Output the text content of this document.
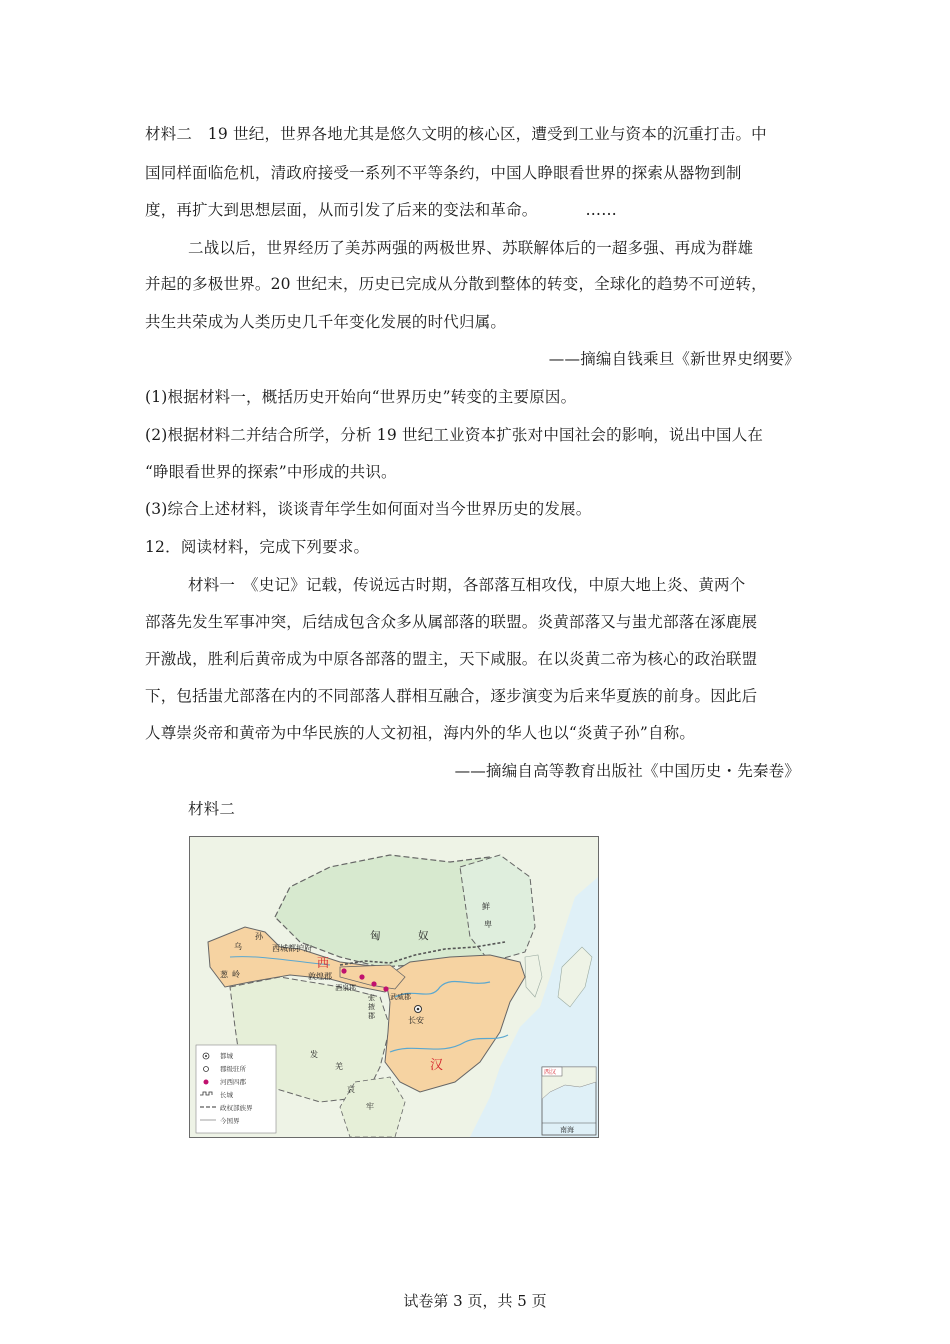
材料二　19 世纪，世界各地尤其是悠久文明的核心区，遭受到工业与资本的沉重打击。中
国同样面临危机，清政府接受一系列不平等条约，中国人睁眼看世界的探索从器物到制
度，再扩大到思想层面，从而引发了后来的变法和革命。	……
二战以后，世界经历了美苏两强的两极世界、苏联解体后的一超多强、再成为群雄
并起的多极世界。20 世纪末，历史已完成从分散到整体的转变，全球化的趋势不可逆转，
共生共荣成为人类历史几千年变化发展的时代归属。
——摘编自钱乘旦《新世界史纲要》
(1)根据材料一，概括历史开始向“世界历史”转变的主要原因。
(2)根据材料二并结合所学，分析 19 世纪工业资本扩张对中国社会的影响，说出中国人在
“睁眼看世界的探索”中形成的共识。
(3)综合上述材料，谈谈青年学生如何面对当今世界历史的发展。
12．阅读材料，完成下列要求。
材料一　《史记》记载，传说远古时期，各部落互相攻伐，中原大地上炎、黄两个
部落先发生军事冲突，后结成包含众多从属部落的联盟。炎黄部落又与蚩尤部落在涿鹿展
开激战，胜利后黄帝成为中原各部落的盟主，天下咸服。在以炎黄二帝为核心的政治联盟
下，包括蚩尤部落在内的不同部落人群相互融合，逐步演变为后来华夏族的前身。因此后
人尊崇炎帝和黄帝为中华民族的人文初祖，海内外的华人也以“炎黄子孙”自称。
——摘编自高等教育出版社《中国历史・先秦卷》
材料二
匈	奴
鲜
卑
乌
孙
西城都护府
西
葱 岭	敦煌郡
酒泉郡
张
掖
郡
武威郡
长安
汉
发
羌
哀
牢
都城
郡级驻所
河西四郡
长城
政权部族界
今国界
西汉
南海
试卷第 3 页，共 5 页
